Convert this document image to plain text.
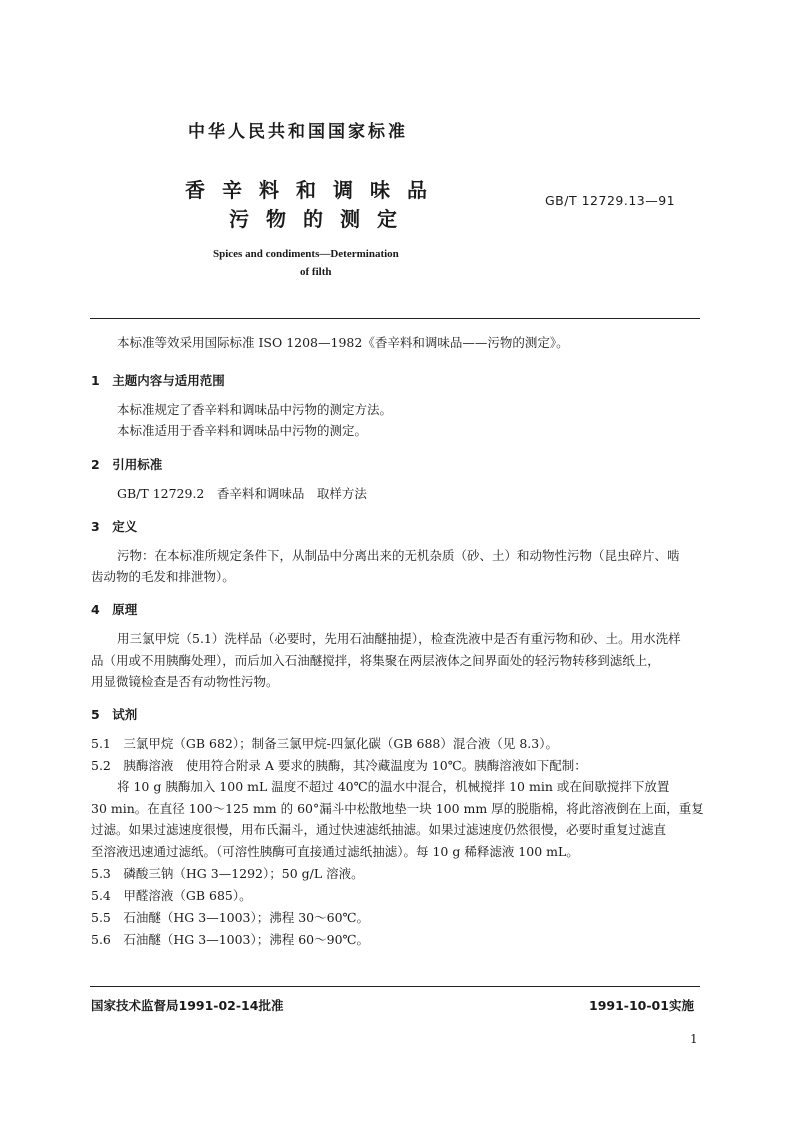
中华人民共和国国家标准
香辛料和调味品
污物的测定
GB/T 12729.13—91
Spices and condiments—Determination
of filth
本标准等效采用国际标准 ISO 1208—1982《香辛料和调味品——污物的测定》。
1　主题内容与适用范围
本标准规定了香辛料和调味品中污物的测定方法。
本标准适用于香辛料和调味品中污物的测定。
2　引用标准
GB/T 12729.2　香辛料和调味品　取样方法
3　定义
污物：在本标准所规定条件下，从制品中分离出来的无机杂质（砂、土）和动物性污物（昆虫碎片、啮
齿动物的毛发和排泄物）。
4　原理
用三氯甲烷（5.1）洗样品（必要时，先用石油醚抽提），检查洗液中是否有重污物和砂、土。用水洗样
品（用或不用胰酶处理），而后加入石油醚搅拌，将集聚在两层液体之间界面处的轻污物转移到滤纸上，
用显微镜检查是否有动物性污物。
5　试剂
5.1　三氯甲烷（GB 682）；制备三氯甲烷-四氯化碳（GB 688）混合液（见 8.3）。
5.2　胰酶溶液　使用符合附录 A 要求的胰酶，其冷藏温度为 10℃。胰酶溶液如下配制：
将 10 g 胰酶加入 100 mL 温度不超过 40℃的温水中混合，机械搅拌 10 min 或在间歇搅拌下放置
30 min。在直径 100～125 mm 的 60°漏斗中松散地垫一块 100 mm 厚的脱脂棉，将此溶液倒在上面，重复
过滤。如果过滤速度很慢，用布氏漏斗，通过快速滤纸抽滤。如果过滤速度仍然很慢，必要时重复过滤直
至溶液迅速通过滤纸。（可溶性胰酶可直接通过滤纸抽滤）。每 10 g 稀释滤液 100 mL。
5.3　磷酸三钠（HG 3—1292）；50 g/L 溶液。
5.4　甲醛溶液（GB 685）。
5.5　石油醚（HG 3—1003）；沸程 30～60℃。
5.6　石油醚（HG 3—1003）；沸程 60～90℃。
国家技术监督局1991-02-14批准	1991-10-01实施
1
